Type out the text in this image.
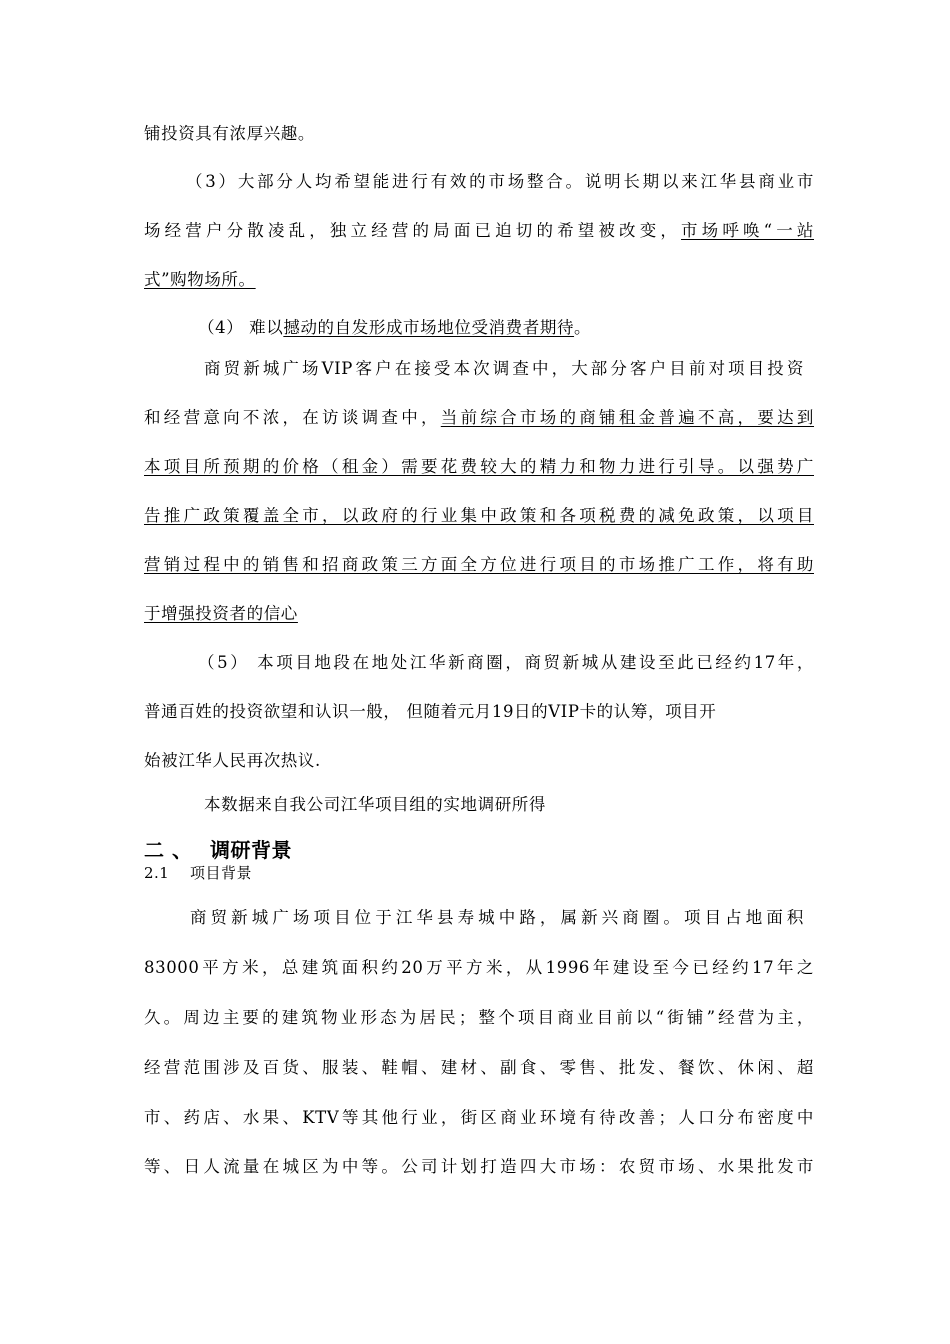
铺投资具有浓厚兴趣。
（3）大部分人均希望能进行有效的市场整合。说明长期以来江华县商业市
场经营户分散凌乱，独立经营的局面已迫切的希望被改变，市场呼唤“一站
式”购物场所。
（4） 难以撼动的自发形成市场地位受消费者期待。
商贸新城广场VIP客户在接受本次调查中，大部分客户目前对项目投资
和经营意向不浓，在访谈调查中，当前综合市场的商铺租金普遍不高，要达到
本项目所预期的价格（租金）需要花费较大的精力和物力进行引导。以强势广
告推广政策覆盖全市，以政府的行业集中政策和各项税费的减免政策，以项目
营销过程中的销售和招商政策三方面全方位进行项目的市场推广工作，将有助
于增强投资者的信心
（5） 本项目地段在地处江华新商圈，商贸新城从建设至此已经约17年，
普通百姓的投资欲望和认识一般， 但随着元月19日的VIP卡的认筹，项目开
始被江华人民再次热议.
本数据来自我公司江华项目组的实地调研所得
二 、 调研背景
2.1 项目背景
商贸新城广场项目位于江华县寿城中路，属新兴商圈。项目占地面积
83000平方米，总建筑面积约20万平方米，从1996年建设至今已经约17年之
久。周边主要的建筑物业形态为居民；整个项目商业目前以“街铺”经营为主，
经营范围涉及百货、服装、鞋帽、建材、副食、零售、批发、餐饮、休闲、超
市、药店、水果、KTV等其他行业，街区商业环境有待改善；人口分布密度中
等、日人流量在城区为中等。公司计划打造四大市场：农贸市场、水果批发市
